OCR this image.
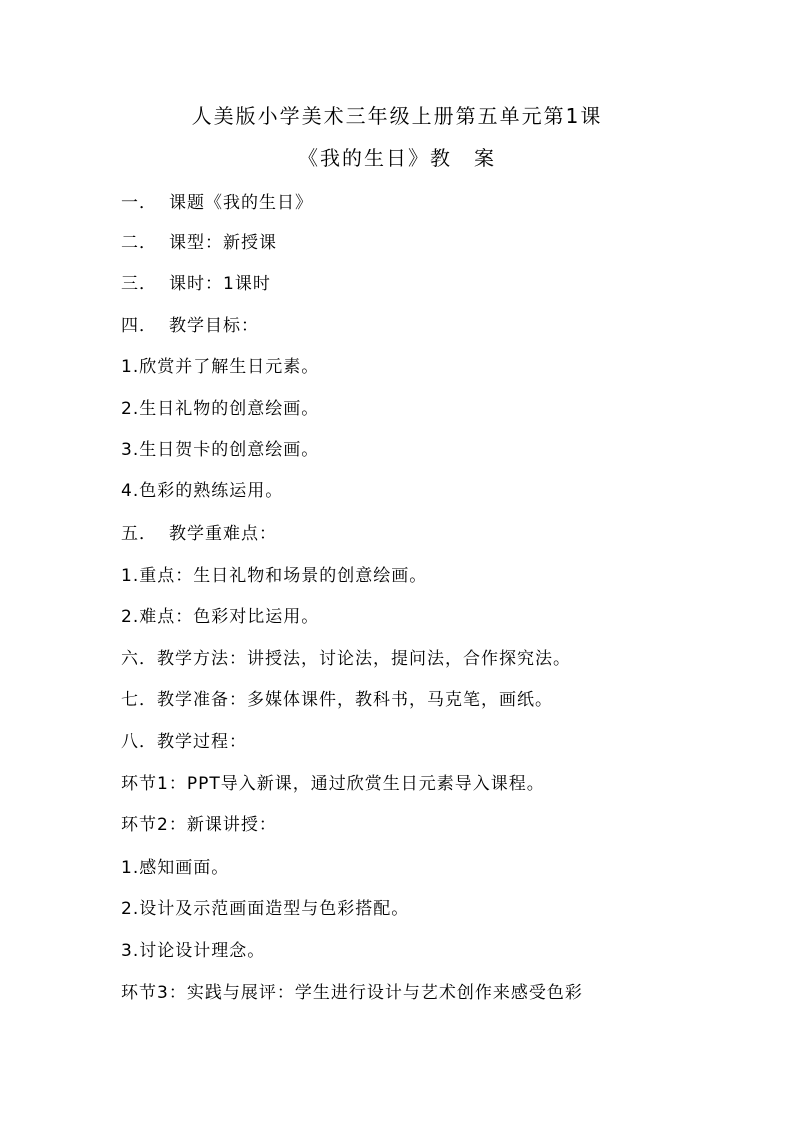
人美版小学美术三年级上册第五单元第1课
《我的生日》教　案
一． 课题《我的生日》
二． 课型：新授课
三． 课时：1课时
四． 教学目标：
1.欣赏并了解生日元素。
2.生日礼物的创意绘画。
3.生日贺卡的创意绘画。
4.色彩的熟练运用。
五． 教学重难点：
1.重点：生日礼物和场景的创意绘画。
2.难点：色彩对比运用。
六．教学方法：讲授法，讨论法，提问法，合作探究法。
七．教学准备：多媒体课件，教科书，马克笔，画纸。
八．教学过程：
环节1：PPT导入新课，通过欣赏生日元素导入课程。
环节2：新课讲授：
1.感知画面。
2.设计及示范画面造型与色彩搭配。
3.讨论设计理念。
环节3：实践与展评：学生进行设计与艺术创作来感受色彩
